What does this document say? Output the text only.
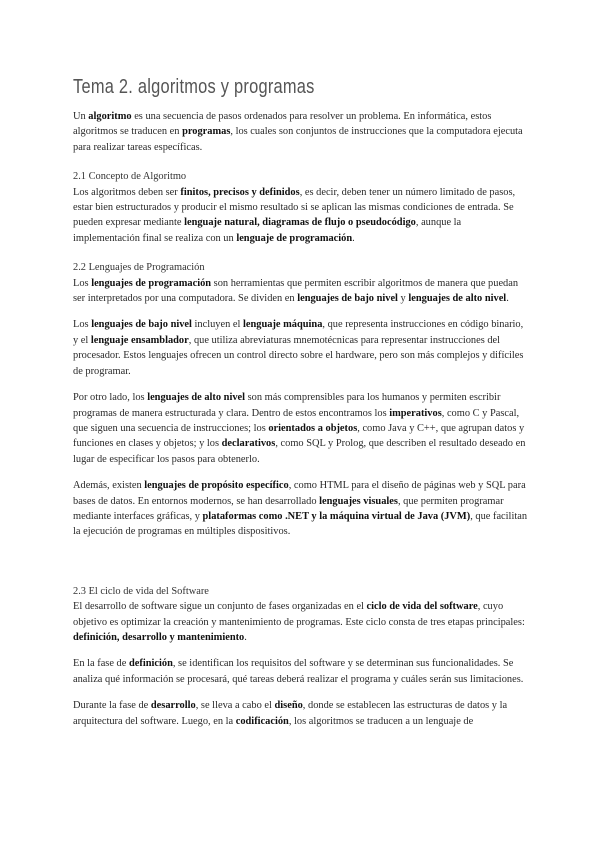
Tema 2. algoritmos y programas

Un algoritmo es una secuencia de pasos ordenados para resolver un problema. En informática, estos algoritmos se traducen en programas, los cuales son conjuntos de instrucciones que la computadora ejecuta para realizar tareas específicas.

2.1 Concepto de Algoritmo

Los algoritmos deben ser finitos, precisos y definidos, es decir, deben tener un número limitado de pasos, estar bien estructurados y producir el mismo resultado si se aplican las mismas condiciones de entrada. Se pueden expresar mediante lenguaje natural, diagramas de flujo o pseudocódigo, aunque la implementación final se realiza con un lenguaje de programación.

2.2 Lenguajes de Programación

Los lenguajes de programación son herramientas que permiten escribir algoritmos de manera que puedan ser interpretados por una computadora. Se dividen en lenguajes de bajo nivel y lenguajes de alto nivel.

Los lenguajes de bajo nivel incluyen el lenguaje máquina, que representa instrucciones en código binario, y el lenguaje ensamblador, que utiliza abreviaturas mnemotécnicas para representar instrucciones del procesador. Estos lenguajes ofrecen un control directo sobre el hardware, pero son más complejos y difíciles de programar.

Por otro lado, los lenguajes de alto nivel son más comprensibles para los humanos y permiten escribir programas de manera estructurada y clara. Dentro de estos encontramos los imperativos, como C y Pascal, que siguen una secuencia de instrucciones; los orientados a objetos, como Java y C++, que agrupan datos y funciones en clases y objetos; y los declarativos, como SQL y Prolog, que describen el resultado deseado en lugar de especificar los pasos para obtenerlo.

Además, existen lenguajes de propósito específico, como HTML para el diseño de páginas web y SQL para bases de datos. En entornos modernos, se han desarrollado lenguajes visuales, que permiten programar mediante interfaces gráficas, y plataformas como .NET y la máquina virtual de Java (JVM), que facilitan la ejecución de programas en múltiples dispositivos.

2.3 El ciclo de vida del Software

El desarrollo de software sigue un conjunto de fases organizadas en el ciclo de vida del software, cuyo objetivo es optimizar la creación y mantenimiento de programas. Este ciclo consta de tres etapas principales: definición, desarrollo y mantenimiento.

En la fase de definición, se identifican los requisitos del software y se determinan sus funcionalidades. Se analiza qué información se procesará, qué tareas deberá realizar el programa y cuáles serán sus limitaciones.

Durante la fase de desarrollo, se lleva a cabo el diseño, donde se establecen las estructuras de datos y la arquitectura del software. Luego, en la codificación, los algoritmos se traducen a un lenguaje de
